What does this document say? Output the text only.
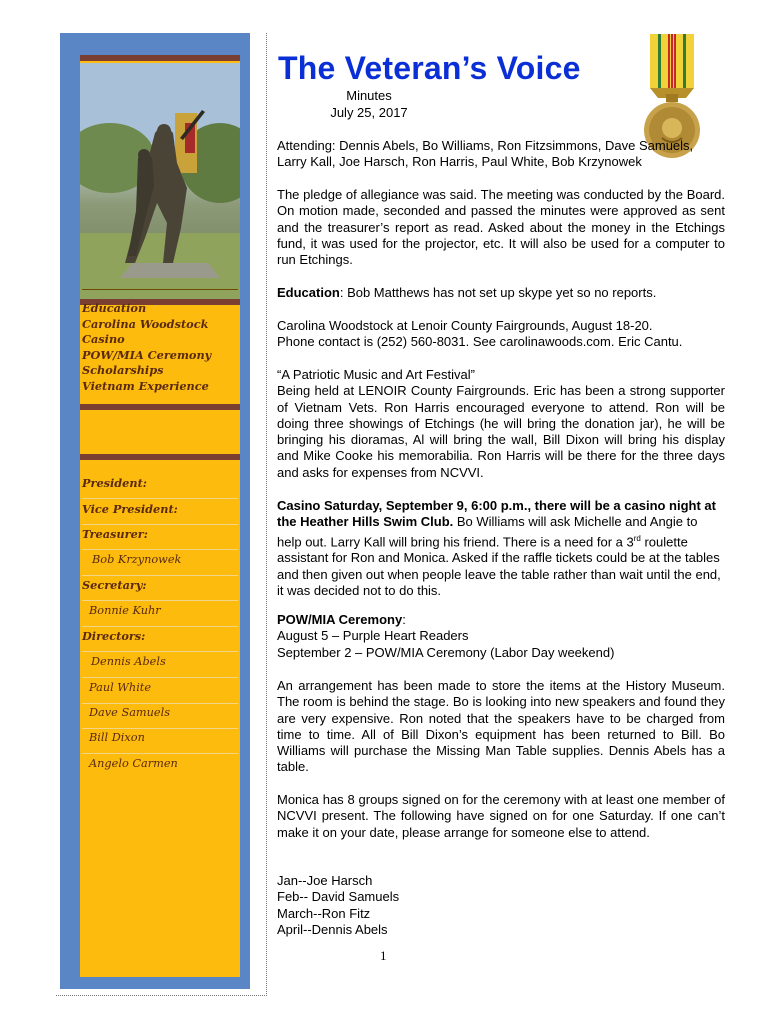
Education
Carolina Woodstock
Casino
POW/MIA Ceremony
Scholarships
Vietnam Experience
President:
Vice President:
Treasurer:
Bob Krzynowek
Secretary:
Bonnie Kuhr
Directors:
Dennis Abels
Paul White
Dave Samuels
Bill Dixon
Angelo Carmen
The Veteran’s Voice
Minutes
July 25, 2017
Attending: Dennis Abels, Bo Williams, Ron Fitzsimmons, Dave Samuels, Larry Kall, Joe Harsch, Ron Harris, Paul White, Bob Krzynowek
The pledge of allegiance was said. The meeting was conducted by the Board. On motion made, seconded and passed the minutes were approved as sent and the treasurer’s report as read. Asked about the money in the Etchings fund, it was used for the projector, etc. It will also be used for a computer to run Etchings.
Education: Bob Matthews has not set up skype yet so no reports.
Carolina Woodstock at Lenoir County Fairgrounds, August 18-20.
Phone contact is (252) 560-8031. See carolinawoods.com. Eric Cantu.
“A Patriotic Music and Art Festival”
Being held at LENOIR County Fairgrounds. Eric has been a strong supporter of Vietnam Vets. Ron Harris encouraged everyone to attend. Ron will be doing three showings of Etchings (he will bring the donation jar), he will be bringing his dioramas, Al will bring the wall, Bill Dixon will bring his display and Mike Cooke his memorabilia. Ron Harris will be there for the three days and asks for expenses from NCVVI.
Casino Saturday, September 9, 6:00 p.m., there will be a casino night at the Heather Hills Swim Club. Bo Williams will ask Michelle and Angie to help out. Larry Kall will bring his friend. There is a need for a 3rd roulette assistant for Ron and Monica. Asked if the raffle tickets could be at the tables and then given out when people leave the table rather than wait until the end, it was decided not to do this.
POW/MIA Ceremony:
August 5 – Purple Heart Readers
September 2 – POW/MIA Ceremony (Labor Day weekend)
An arrangement has been made to store the items at the History Museum. The room is behind the stage. Bo is looking into new speakers and found they are very expensive. Ron noted that the speakers have to be charged from time to time. All of Bill Dixon’s equipment has been returned to Bill. Bo Williams will purchase the Missing Man Table supplies. Dennis Abels has a table.
Monica has 8 groups signed on for the ceremony with at least one member of NCVVI present. The following have signed on for one Saturday. If one can’t make it on your date, please arrange for someone else to attend.
Jan--Joe Harsch
Feb-- David Samuels
March--Ron Fitz
April--Dennis Abels
1
